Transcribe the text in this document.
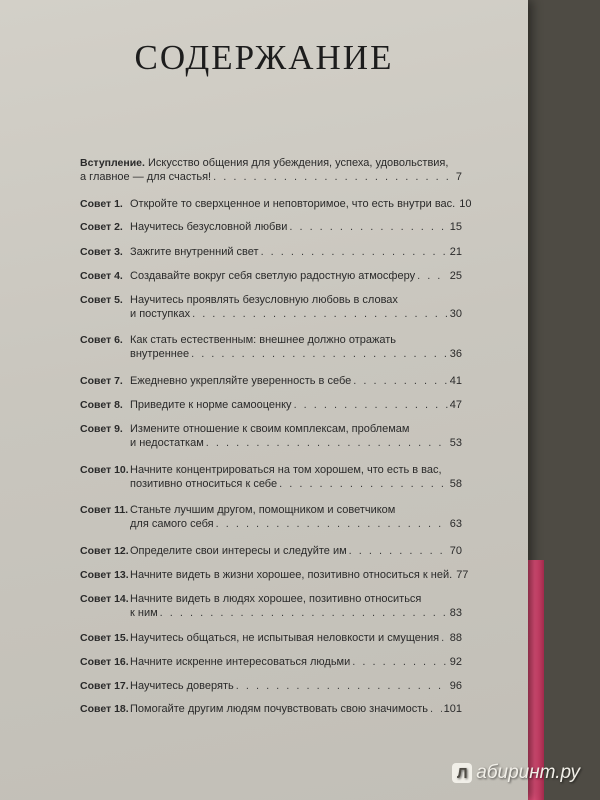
СОДЕРЖАНИЕ
Вступление. Искусство общения для убеждения, успеха, удовольствия,
а главное — для счастья! . . .	7
Совет 1. Откройте то сверхценное и неповторимое, что есть внутри вас. 10
Совет 2. Научитесь безусловной любви . . .	15
Совет 3. Зажгите внутренний свет . . .	21
Совет 4. Создавайте вокруг себя светлую радостную атмосферу . . .	25
Совет 5. Научитесь проявлять безусловную любовь в словах
и поступках . . .	30
Совет 6. Как стать естественным: внешнее должно отражать
внутреннее . . .	36
Совет 7. Ежедневно укрепляйте уверенность в себе . . .	41
Совет 8. Приведите к норме самооценку . . .	47
Совет 9. Измените отношение к своим комплексам, проблемам
и недостаткам . . .	53
Совет 10. Начните концентрироваться на том хорошем, что есть в вас,
позитивно относиться к себе . . .	58
Совет 11. Станьте лучшим другом, помощником и советчиком
для самого себя . . .	63
Совет 12. Определите свои интересы и следуйте им . . .	70
Совет 13. Начните видеть в жизни хорошее, позитивно относиться к ней. 77
Совет 14. Начните видеть в людях хорошее, позитивно относиться
к ним . . .	83
Совет 15. Научитесь общаться, не испытывая неловкости и смущения . . . 88
Совет 16. Начните искренне интересоваться людьми . . .	92
Совет 17. Научитесь доверять . . .	96
Совет 18. Помогайте другим людям почувствовать свою значимость . . . 101
Л абиринт.ру
